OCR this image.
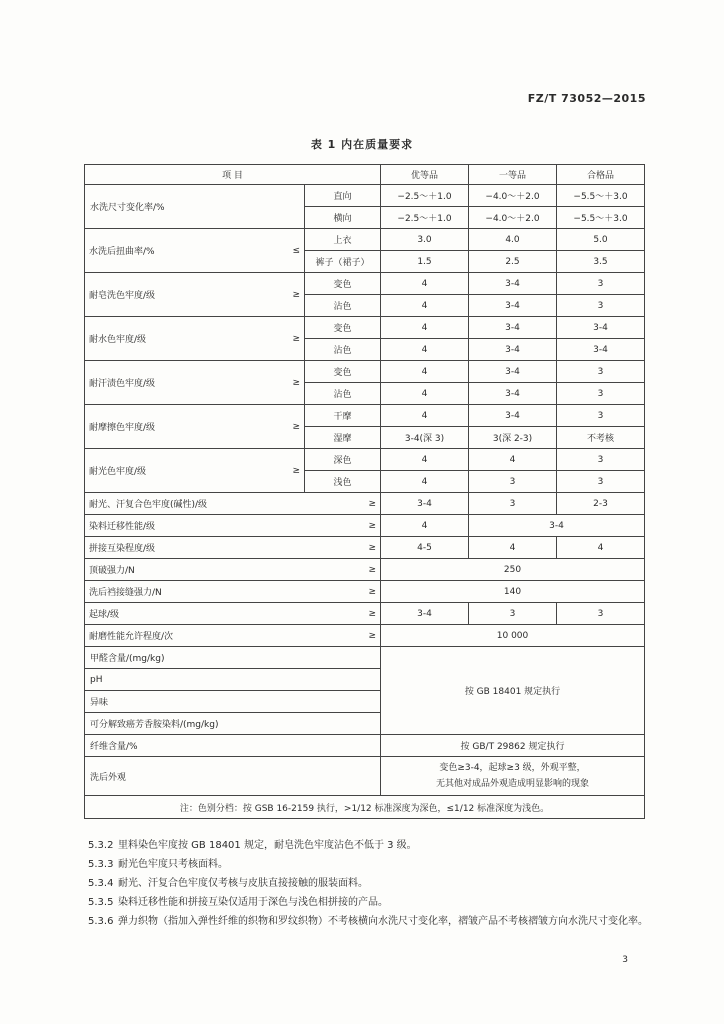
FZ/T 73052—2015
表 1 内在质量要求
项 目		优等品	一等品	合格品
水洗尺寸变化率/%	直向	−2.5～＋1.0	−4.0～＋2.0	−5.5～＋3.0
	横向	−2.5～＋1.0	−4.0～＋2.0	−5.5～＋3.0
水洗后扭曲率/% ≤	上衣	3.0	4.0	5.0
	裤子（裙子）	1.5	2.5	3.5
耐皂洗色牢度/级 ≥	变色	4	3-4	3
	沾色	4	3-4	3
耐水色牢度/级 ≥	变色	4	3-4	3-4
	沾色	4	3-4	3-4
耐汗渍色牢度/级 ≥	变色	4	3-4	3
	沾色	4	3-4	3
耐摩擦色牢度/级 ≥	干摩	4	3-4	3
	湿摩	3-4(深 3)	3(深 2-3)	不考核
耐光色牢度/级 ≥	深色	4	4	3
	浅色	4	3	3
耐光、汗复合色牢度(碱性)/级 ≥		3-4	3	2-3
染料迁移性能/级 ≥		4	3-4	
拼接互染程度/级 ≥		4-5	4	4
顶破强力/N ≥		250		
洗后裆接缝强力/N ≥		140		
起球/级 ≥		3-4	3	3
耐磨性能允许程度/次 ≥		10 000		
甲醛含量/(mg/kg)		按 GB 18401 规定执行		
pH				
异味				
可分解致癌芳香胺染料/(mg/kg)				
纤维含量/%		按 GB/T 29862 规定执行		
洗后外观		变色≥3-4，起球≥3 级，外观平整，
无其他对成品外观造成明显影响的现象		

注：色别分档：按 GSB 16-2159 执行，>1/12 标准深度为深色，≤1/12 标准深度为浅色。				
5.3.2 里料染色牢度按 GB 18401 规定，耐皂洗色牢度沾色不低于 3 级。
5.3.3 耐光色牢度只考核面料。
5.3.4 耐光、汗复合色牢度仅考核与皮肤直接接触的服装面料。
5.3.5 染料迁移性能和拼接互染仅适用于深色与浅色相拼接的产品。
5.3.6 弹力织物（指加入弹性纤维的织物和罗纹织物）不考核横向水洗尺寸变化率，褶皱产品不考核褶皱方向水洗尺寸变化率。
3
